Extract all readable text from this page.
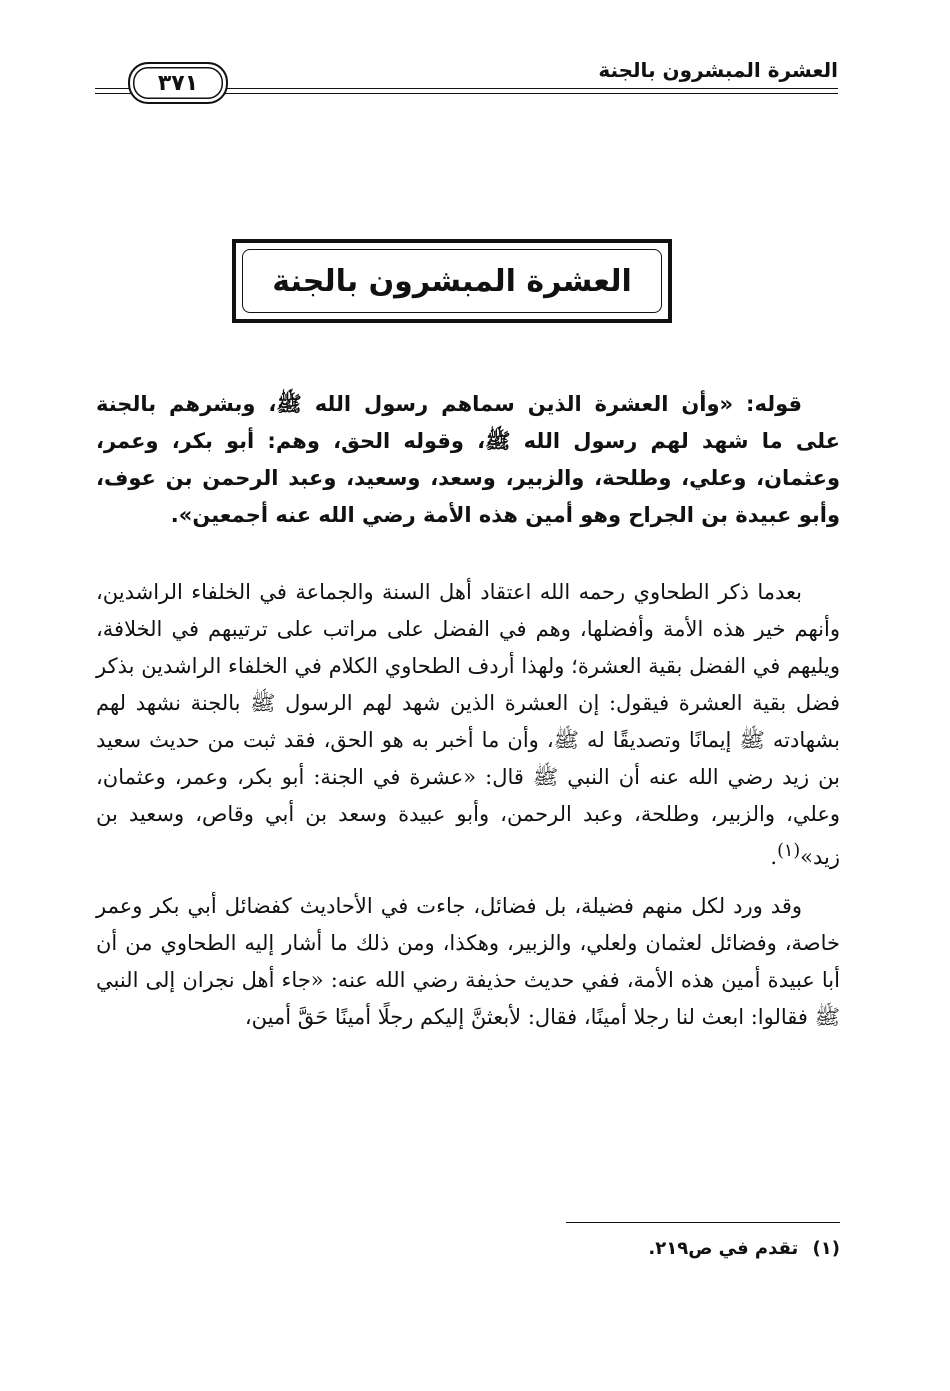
العشرة المبشرون بالجنة
٣٧١
العشرة المبشرون بالجنة

قوله: «وأن العشرة الذين سماهم رسول الله ﷺ، وبشرهم بالجنة على ما شهد لهم رسول الله ﷺ، وقوله الحق، وهم: أبو بكر، وعمر، وعثمان، وعلي، وطلحة، والزبير، وسعد، وسعيد، وعبد الرحمن بن عوف، وأبو عبيدة بن الجراح وهو أمين هذه الأمة رضي الله عنه أجمعين».

بعدما ذكر الطحاوي رحمه الله اعتقاد أهل السنة والجماعة في الخلفاء الراشدين، وأنهم خير هذه الأمة وأفضلها، وهم في الفضل على مراتب على ترتيبهم في الخلافة، ويليهم في الفضل بقية العشرة؛ ولهذا أردف الطحاوي الكلام في الخلفاء الراشدين بذكر فضل بقية العشرة فيقول: إن العشرة الذين شهد لهم الرسول ﷺ بالجنة نشهد لهم بشهادته ﷺ إيمانًا وتصديقًا له ﷺ، وأن ما أخبر به هو الحق، فقد ثبت من حديث سعيد بن زيد رضي الله عنه أن النبي ﷺ قال: «عشرة في الجنة: أبو بكر، وعمر، وعثمان، وعلي، والزبير، وطلحة، وعبد الرحمن، وأبو عبيدة وسعد بن أبي وقاص، وسعيد بن زيد»$^{(١)}$.

وقد ورد لكل منهم فضيلة، بل فضائل، جاءت في الأحاديث كفضائل أبي بكر وعمر خاصة، وفضائل لعثمان ولعلي، والزبير، وهكذا، ومن ذلك ما أشار إليه الطحاوي من أن أبا عبيدة أمين هذه الأمة، ففي حديث حذيفة رضي الله عنه: «جاء أهل نجران إلى النبي ﷺ فقالوا: ابعث لنا رجلا أمينًا، فقال: لأبعثنَّ إليكم رجلًا أمينًا حَقَّ أمين،

(١) تقدم في ص٢١٩.
